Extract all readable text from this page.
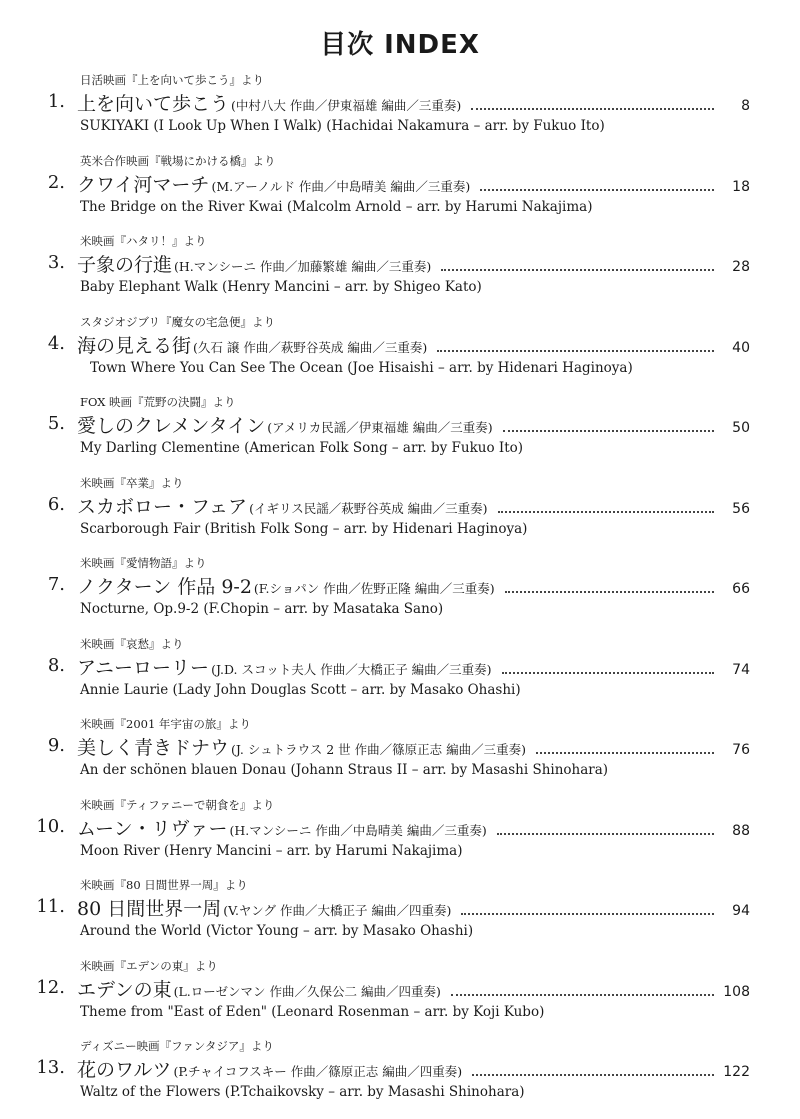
目次 INDEX
日活映画『上を向いて歩こう』より
1. 上を向いて歩こう (中村八大 作曲／伊東福雄 編曲／三重奏)	8
SUKIYAKI (I Look Up When I Walk) (Hachidai Nakamura – arr. by Fukuo Ito)
英米合作映画『戦場にかける橋』より
2. クワイ河マーチ (M.アーノルド 作曲／中島晴美 編曲／三重奏)	18
The Bridge on the River Kwai (Malcolm Arnold – arr. by Harumi Nakajima)
米映画『ハタリ！』より
3. 子象の行進 (H.マンシーニ 作曲／加藤繁雄 編曲／三重奏)	28
Baby Elephant Walk (Henry Mancini – arr. by Shigeo Kato)
スタジオジブリ『魔女の宅急便』より
4. 海の見える街 (久石 譲 作曲／萩野谷英成 編曲／三重奏)	40
Town Where You Can See The Ocean (Joe Hisaishi – arr. by Hidenari Haginoya)
FOX 映画『荒野の決闘』より
5. 愛しのクレメンタイン (アメリカ民謡／伊東福雄 編曲／三重奏)	50
My Darling Clementine (American Folk Song – arr. by Fukuo Ito)
米映画『卒業』より
6. スカボロー・フェア (イギリス民謡／萩野谷英成 編曲／三重奏)	56
Scarborough Fair (British Folk Song – arr. by Hidenari Haginoya)
米映画『愛情物語』より
7. ノクターン 作品 9-2 (F.ショパン 作曲／佐野正隆 編曲／三重奏)	66
Nocturne, Op.9-2 (F.Chopin – arr. by Masataka Sano)
米映画『哀愁』より
8. アニーローリー (J.D. スコット夫人 作曲／大橋正子 編曲／三重奏)	74
Annie Laurie (Lady John Douglas Scott – arr. by Masako Ohashi)
米映画『2001 年宇宙の旅』より
9. 美しく青きドナウ (J. シュトラウス 2 世 作曲／篠原正志 編曲／三重奏)	76
An der schönen blauen Donau (Johann Straus II – arr. by Masashi Shinohara)
米映画『ティファニーで朝食を』より
10. ムーン・リヴァー (H.マンシーニ 作曲／中島晴美 編曲／三重奏)	88
Moon River (Henry Mancini – arr. by Harumi Nakajima)
米映画『80 日間世界一周』より
11. 80 日間世界一周 (V.ヤング 作曲／大橋正子 編曲／四重奏)	94
Around the World (Victor Young – arr. by Masako Ohashi)
米映画『エデンの東』より
12. エデンの東 (L.ローゼンマン 作曲／久保公二 編曲／四重奏)	108
Theme from "East of Eden" (Leonard Rosenman – arr. by Koji Kubo)
ディズニー映画『ファンタジア』より
13. 花のワルツ (P.チャイコフスキー 作曲／篠原正志 編曲／四重奏)	122
Waltz of the Flowers (P.Tchaikovsky – arr. by Masashi Shinohara)
